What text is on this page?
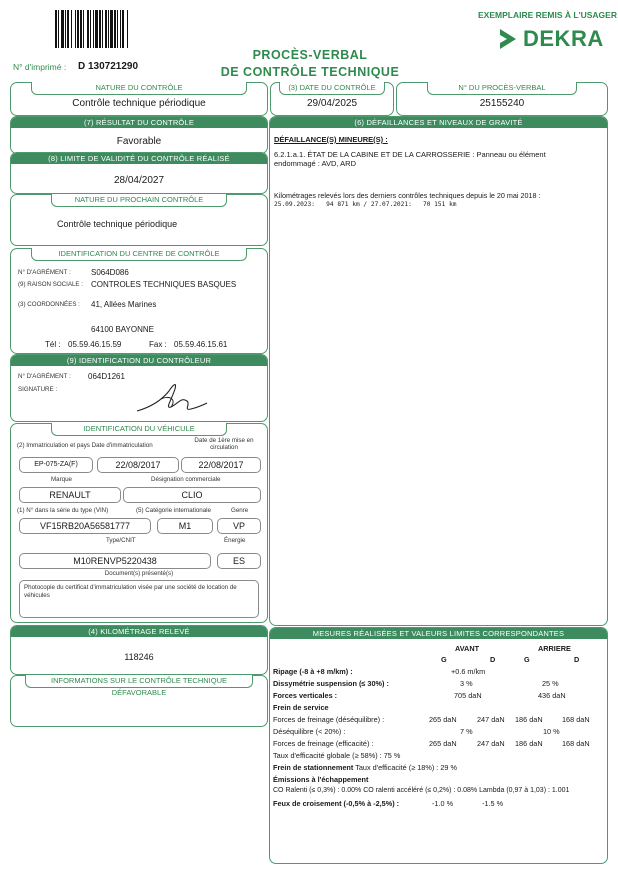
N° d'imprimé : D 130721290
EXEMPLAIRE REMIS À L'USAGER
DEKRA
PROCÈS-VERBAL
DE CONTRÔLE TECHNIQUE
NATURE DU CONTRÔLE
Contrôle technique périodique
(3) DATE DU CONTRÔLE
29/04/2025
N° DU PROCÈS-VERBAL
25155240
(7) RÉSULTAT DU CONTRÔLE
Favorable
(8) LIMITE DE VALIDITÉ DU CONTRÔLE RÉALISÉ
28/04/2027
NATURE DU PROCHAIN CONTRÔLE
Contrôle technique périodique
IDENTIFICATION DU CENTRE DE CONTRÔLE
N° D'AGRÉMENT :	S064D086
(9) RAISON SOCIALE : CONTROLES TECHNIQUES BASQUES
(3) COORDONNÉES : 41, Allées Marines
64100 BAYONNE
Tél : 05.59.46.15.59	Fax : 05.59.46.15.61
(9) IDENTIFICATION DU CONTRÔLEUR
N° D'AGRÉMENT : 064D1261
SIGNATURE :
IDENTIFICATION DU VÉHICULE
(2) Immatriculation et pays Date d'immatriculation
Date de 1ère mise en circulation
EP-075-ZA(F)	22/08/2017	22/08/2017
Marque	Désignation commerciale
RENAULT	CLIO
(1) N° dans la série du type (VIN)	(5) Catégorie internationale	Genre
VF15RB20A56581777	M1	VP
Type/CNIT	Énergie
M10RENVP5220438	ES
Document(s) présenté(s)
Photocopie du certificat d'immatriculation visée par une société de location de véhicules
(4) KILOMÉTRAGE RELEVÉ
118246
INFORMATIONS SUR LE CONTRÔLE TECHNIQUE DÉFAVORABLE
(6) DÉFAILLANCES ET NIVEAUX DE GRAVITÉ
DÉFAILLANCE(S) MINEURE(S) :
6.2.1.a.1. ÉTAT DE LA CABINE ET DE LA CARROSSERIE : Panneau ou élément endommagé : AVD, ARD
Kilométrages relevés lors des derniers contrôles techniques depuis le 20 mai 2018 :
25.09.2023:   94 871 km / 27.07.2021:   70 151 km
MESURES RÉALISÉES ET VALEURS LIMITES CORRESPONDANTES
AVANT	ARRIERE
G	D	G	D
Ripage (-8 à +8 m/km) :	+0.6 m/km
Dissymétrie suspension (≤ 30%) :	3 %	25 %
Forces verticales :	705 daN	436 daN
Frein de service
Forces de freinage (déséquilibre) :	265 daN	247 daN 186 daN	168 daN
Déséquilibre (< 20%) :	7 %	10 %
Forces de freinage (efficacité) :	265 daN	247 daN 186 daN	168 daN
Taux d'efficacité globale (≥ 58%) : 75 %
Frein de stationnement Taux d'efficacité (≥ 18%) : 29 %
Émissions à l'échappement
CO Ralenti (≤ 0,3%) : 0.00% CO ralenti accéléré (≤ 0,2%) : 0.08% Lambda (0,97 à 1,03) : 1.001
Feux de croisement (-0,5% à -2,5%) :	-1.0 %	-1.5 %
